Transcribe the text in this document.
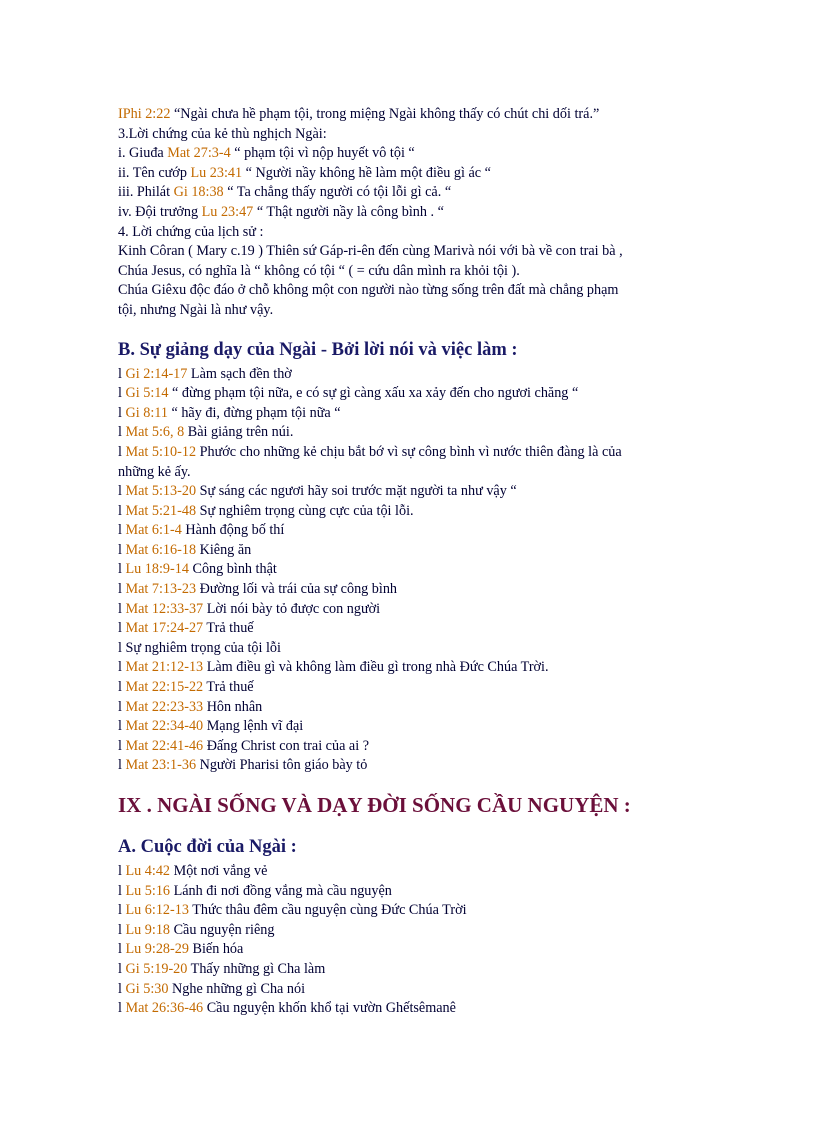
IPhi 2:22 “Ngài chưa hề phạm tội, trong miệng Ngài không thấy có chút chi dối trá.”
3.Lời chứng của kẻ thù nghịch Ngài:
i. Giuđa Mat 27:3-4 “ phạm tội vì nộp huyết vô tội “
ii. Tên cướp Lu 23:41 “ Người nầy không hề làm một điều gì ác “
iii. Philát Gi 18:38 “ Ta chẳng thấy người có tội lỗi gì cả. “
iv. Đội trưởng Lu 23:47 “ Thật người nầy là công bình . “
4. Lời chứng của lịch sử :
Kinh Côran ( Mary c.19 ) Thiên sứ Gáp-ri-ên đến cùng Marivà nói với bà về con trai bà ,
Chúa Jesus, có nghĩa là “ không có tội “ ( = cứu dân mình ra khỏi tội ).
Chúa Giêxu độc đáo ở chỗ không một con người nào từng sống trên đất mà chẳng phạm
tội, nhưng Ngài là như vậy.
B. Sự giảng dạy của Ngài - Bởi lời nói và việc làm :
l Gi 2:14-17 Làm sạch đền thờ
l Gi 5:14 “ đừng phạm tội nữa, e có sự gì càng xấu xa xảy đến cho ngươi chăng “
l Gi 8:11 “ hãy đi, đừng phạm tội nữa “
l Mat 5:6, 8 Bài giảng trên núi.
l Mat 5:10-12 Phước cho những kẻ chịu bắt bớ vì sự công bình vì nước thiên đàng là của
những kẻ ấy.
l Mat 5:13-20 Sự sáng các ngươi hãy soi trước mặt người ta như vậy “
l Mat 5:21-48 Sự nghiêm trọng cùng cực của tội lỗi.
l Mat 6:1-4 Hành động bố thí
l Mat 6:16-18 Kiêng ăn
l Lu 18:9-14 Công bình thật
l Mat 7:13-23 Đường lối và trái của sự công bình
l Mat 12:33-37 Lời nói bày tỏ được con người
l Mat 17:24-27 Trả thuế
l Sự nghiêm trọng của tội lỗi
l Mat 21:12-13 Làm điều gì và không làm điều gì trong nhà Đức Chúa Trời.
l Mat 22:15-22 Trả thuế
l Mat 22:23-33 Hôn nhân
l Mat 22:34-40 Mạng lệnh vĩ đại
l Mat 22:41-46 Đấng Christ con trai của ai ?
l Mat 23:1-36 Người Pharisi tôn giáo bày tỏ
IX . NGÀI SỐNG VÀ DẠY ĐỜI SỐNG CẦU NGUYỆN :
A. Cuộc đời của Ngài :
l Lu 4:42 Một nơi vắng vẻ
l Lu 5:16 Lánh đi nơi đồng vắng mà cầu nguyện
l Lu 6:12-13 Thức thâu đêm cầu nguyện cùng Đức Chúa Trời
l Lu 9:18 Cầu nguyện riêng
l Lu 9:28-29 Biến hóa
l Gi 5:19-20 Thấy những gì Cha làm
l Gi 5:30 Nghe những gì Cha nói
l Mat 26:36-46 Cầu nguyện khốn khổ tại vườn Ghếtsêmanê
